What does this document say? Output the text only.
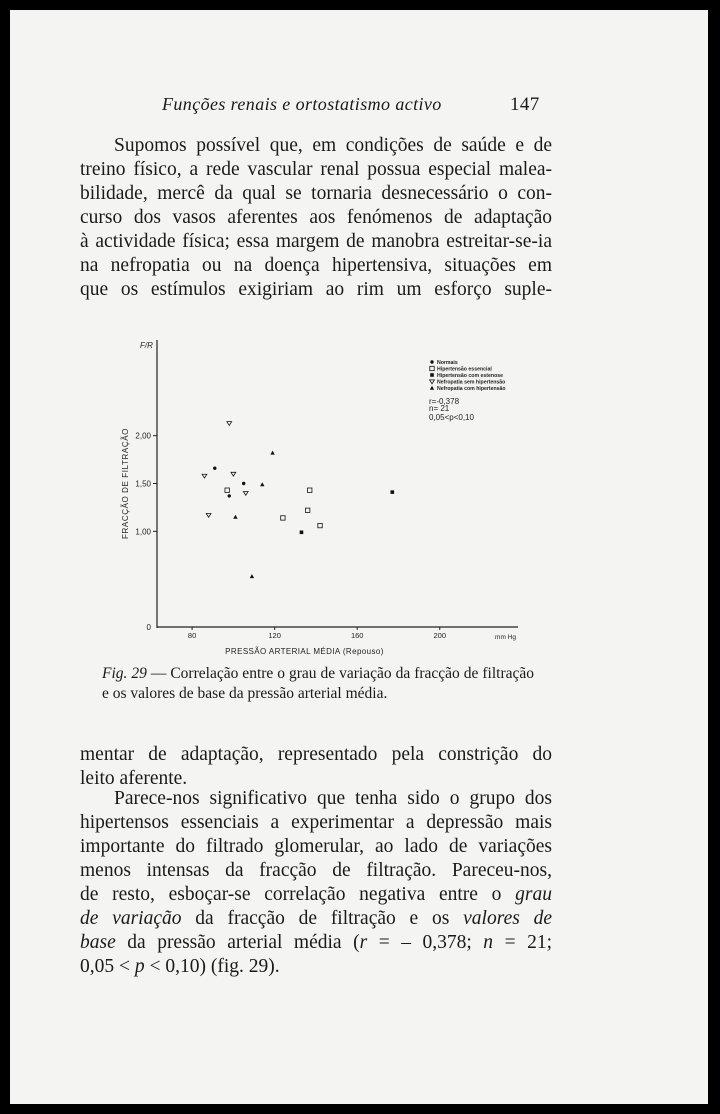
Funções renais e ortostatismo activo	147
Supomos possível que, em condições de saúde e de
treino físico, a rede vascular renal possua especial malea-
bilidade, mercê da qual se tornaria desnecessário o con-
curso dos vasos aferentes aos fenómenos de adaptação
à actividade física; essa margem de manobra estreitar-se-ia
na nefropatia ou na doença hipertensiva, situações em
que os estímulos exigiriam ao rim um esforço suple-
0
1,00
1,50
2,00
80	120	160	200	mm Hg
PRESSÃO ARTERIAL MÉDIA (Repouso)
FRACÇÃO DE FILTRAÇÃO
F/R
Normais
Hipertensão essencial
Hipertensão com estenose
Nefropatia sem hipertensão
Nefropatia com hipertensão
r=-0,378
n= 21
0,05<p<0,10
Fig. 29 — Correlação entre o grau de variação da fracção de filtração e os valores de base da pressão arterial média.
mentar de adaptação, representado pela constrição do
leito aferente.
Parece-nos significativo que tenha sido o grupo dos
hipertensos essenciais a experimentar a depressão mais
importante do filtrado glomerular, ao lado de variações
menos intensas da fracção de filtração. Pareceu-nos,
de resto, esboçar-se correlação negativa entre o grau
de variação da fracção de filtração e os valores de
base da pressão arterial média (r = – 0,378; n = 21;
0,05 < p < 0,10) (fig. 29).
